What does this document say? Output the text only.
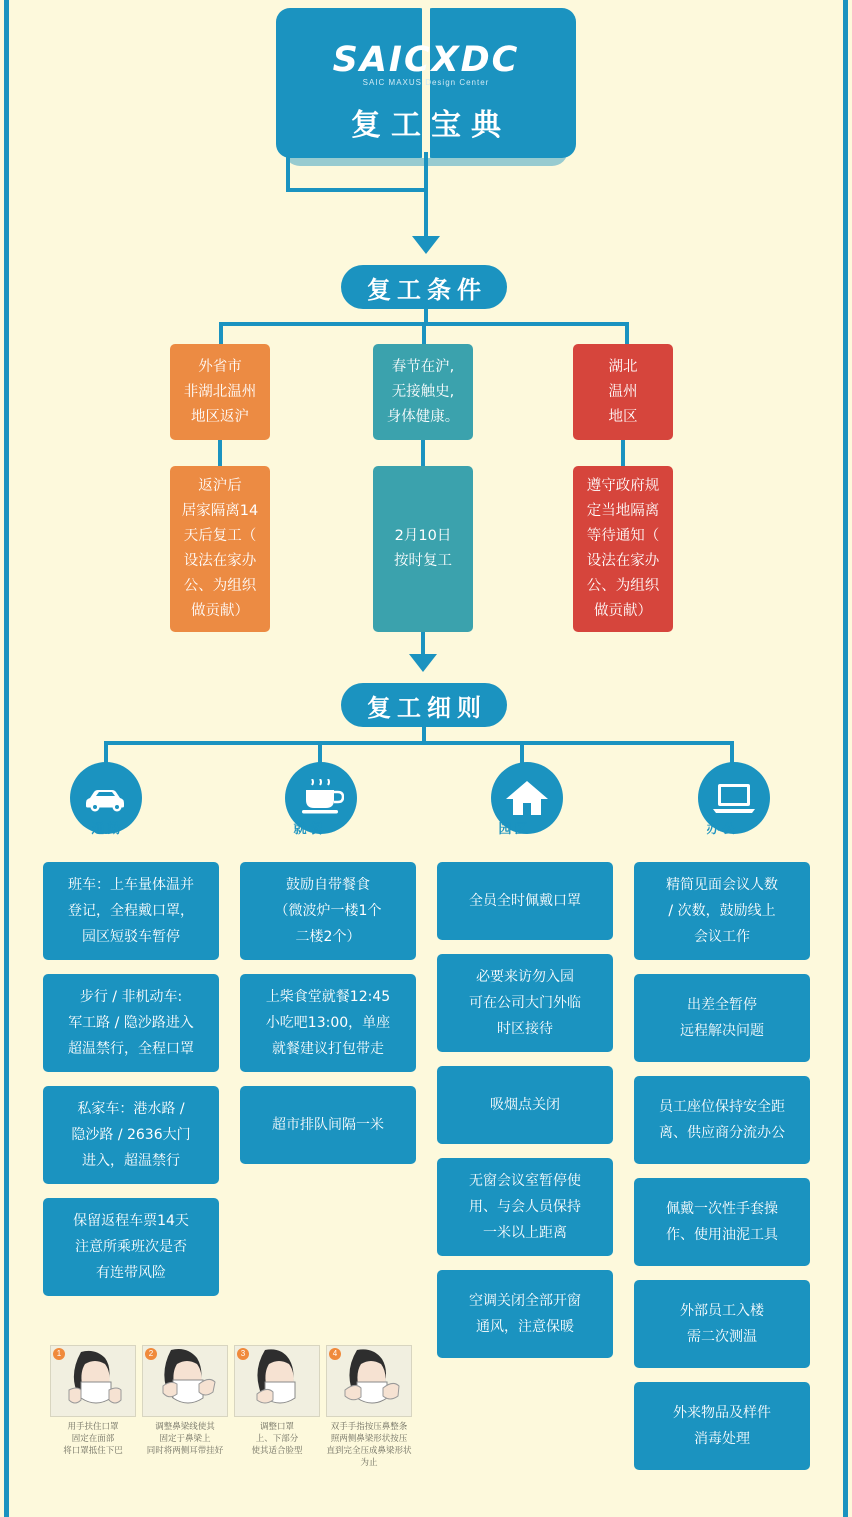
SAICXDC
SAIC MAXUS Design Center
复工宝典
复工条件
外省市
非湖北温州
地区返沪
返沪后
居家隔离14
天后复工（
设法在家办
公、为组织
做贡献）
春节在沪,
无接触史,
身体健康。
2月10日
按时复工
湖北
温州
地区
遵守政府规
定当地隔离
等待通知（
设法在家办
公、为组织
做贡献）
复工细则
通勤	就餐	园区	办公
班车：上车量体温并
登记，全程戴口罩，
园区短驳车暂停
步行 / 非机动车:
军工路 / 隐沙路进入
超温禁行，全程口罩
私家车：港水路 /
隐沙路 / 2636大门
进入，超温禁行
保留返程车票14天
注意所乘班次是否
有连带风险
鼓励自带餐食
（微波炉一楼1个
二楼2个）
上柴食堂就餐12:45
小吃吧13:00，单座
就餐建议打包带走
超市排队间隔一米
全员全时佩戴口罩
必要来访勿入园
可在公司大门外临
时区接待
吸烟点关闭
无窗会议室暂停使
用、与会人员保持
一米以上距离
空调关闭全部开窗
通风，注意保暖
精简见面会议人数
/ 次数，鼓励线上
会议工作
出差全暂停
远程解决问题
员工座位保持安全距
离、供应商分流办公
佩戴一次性手套操
作、使用油泥工具
外部员工入楼
需二次测温
外来物品及样件
消毒处理
1
用手扶住口罩
固定在面部
将口罩抵住下巴
2
调整鼻梁线使其
固定于鼻梁上
同时将两侧耳带挂好
3
调整口罩
上、下部分
使其适合脸型
4
双手手指按压鼻整条
照两侧鼻梁形状按压
直到完全压成鼻梁形状为止
